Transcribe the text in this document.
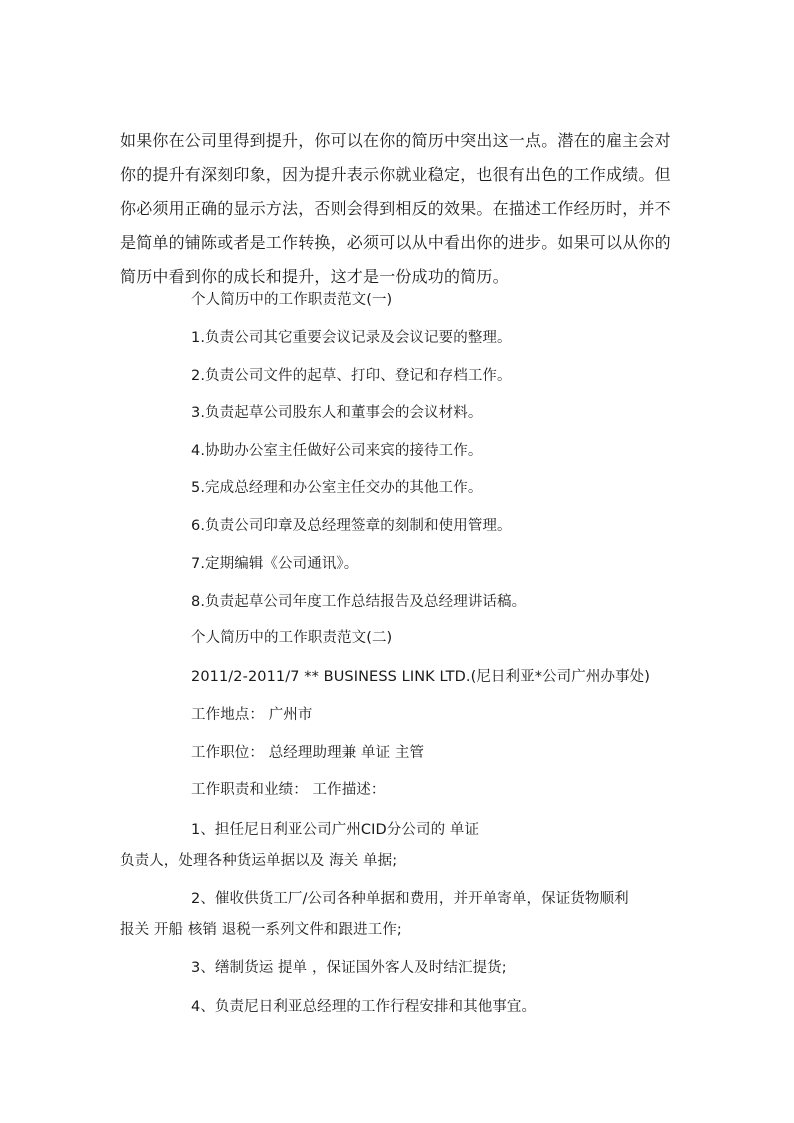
如果你在公司里得到提升，你可以在你的简历中突出这一点。潜在的雇主会对
你的提升有深刻印象，因为提升表示你就业稳定，也很有出色的工作成绩。但
你必须用正确的显示方法，否则会得到相反的效果。在描述工作经历时，并不
是简单的铺陈或者是工作转换，必须可以从中看出你的进步。如果可以从你的
简历中看到你的成长和提升，这才是一份成功的简历。
个人简历中的工作职责范文(一)
1.负责公司其它重要会议记录及会议记要的整理。
2.负责公司文件的起草、打印、登记和存档工作。
3.负责起草公司股东人和董事会的会议材料。
4.协助办公室主任做好公司来宾的接待工作。
5.完成总经理和办公室主任交办的其他工作。
6.负责公司印章及总经理签章的刻制和使用管理。
7.定期编辑《公司通讯》。
8.负责起草公司年度工作总结报告及总经理讲话稿。
个人简历中的工作职责范文(二)
2011/2-2011/7 ** BUSINESS LINK LTD.(尼日利亚*公司广州办事处)
工作地点： 广州市
工作职位： 总经理助理兼 单证 主管
工作职责和业绩： 工作描述：
1、担任尼日利亚公司广州CID分公司的 单证
负责人，处理各种货运单据以及 海关 单据;
2、催收供货工厂/公司各种单据和费用，并开单寄单，保证货物顺利
报关 开船 核销 退税一系列文件和跟进工作;
3、缮制货运 提单 ，保证国外客人及时结汇提货;
4、负责尼日利亚总经理的工作行程安排和其他事宜。
